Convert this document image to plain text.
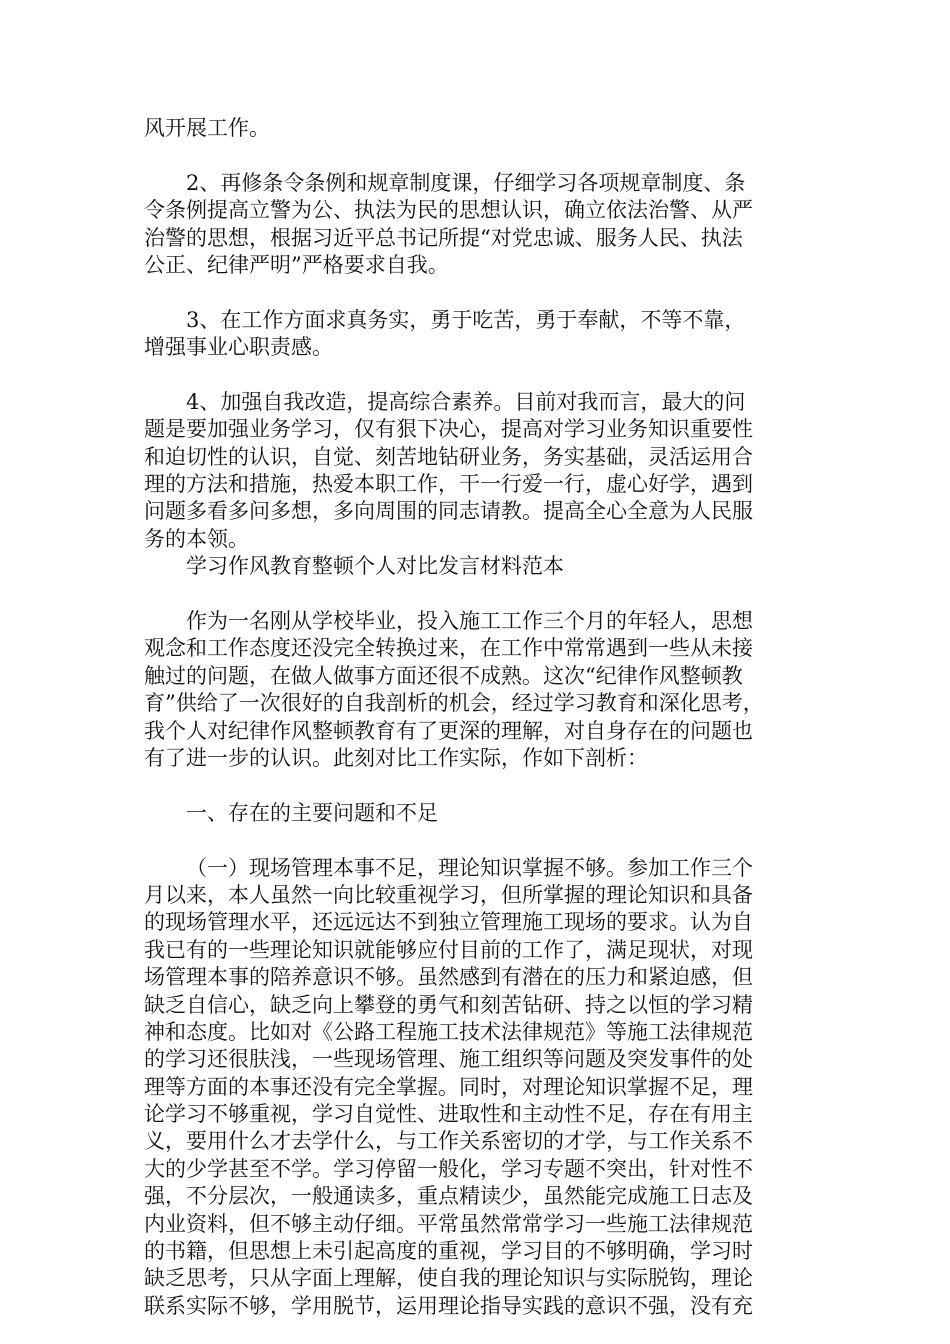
风开展工作。
2、再修条令条例和规章制度课，仔细学习各项规章制度、条
令条例提高立警为公、执法为民的思想认识，确立依法治警、从严
治警的思想，根据习近平总书记所提“对党忠诚、服务人民、执法
公正、纪律严明”严格要求自我。
3、在工作方面求真务实，勇于吃苦，勇于奉献，不等不靠，
增强事业心职责感。
4、加强自我改造，提高综合素养。目前对我而言，最大的问
题是要加强业务学习，仅有狠下决心，提高对学习业务知识重要性
和迫切性的认识，自觉、刻苦地钻研业务，务实基础，灵活运用合
理的方法和措施，热爱本职工作，干一行爱一行，虚心好学，遇到
问题多看多问多想，多向周围的同志请教。提高全心全意为人民服
务的本领。
学习作风教育整顿个人对比发言材料范本
作为一名刚从学校毕业，投入施工工作三个月的年轻人，思想
观念和工作态度还没完全转换过来，在工作中常常遇到一些从未接
触过的问题，在做人做事方面还很不成熟。这次“纪律作风整顿教
育”供给了一次很好的自我剖析的机会，经过学习教育和深化思考，
我个人对纪律作风整顿教育有了更深的理解，对自身存在的问题也
有了进一步的认识。此刻对比工作实际，作如下剖析：
一、存在的主要问题和不足
（一）现场管理本事不足，理论知识掌握不够。参加工作三个
月以来，本人虽然一向比较重视学习，但所掌握的理论知识和具备
的现场管理水平，还远远达不到独立管理施工现场的要求。认为自
我已有的一些理论知识就能够应付目前的工作了，满足现状，对现
场管理本事的陪养意识不够。虽然感到有潜在的压力和紧迫感，但
缺乏自信心，缺乏向上攀登的勇气和刻苦钻研、持之以恒的学习精
神和态度。比如对《公路工程施工技术法律规范》等施工法律规范
的学习还很肤浅，一些现场管理、施工组织等问题及突发事件的处
理等方面的本事还没有完全掌握。同时，对理论知识掌握不足，理
论学习不够重视，学习自觉性、进取性和主动性不足，存在有用主
义，要用什么才去学什么，与工作关系密切的才学，与工作关系不
大的少学甚至不学。学习停留一般化，学习专题不突出，针对性不
强，不分层次，一般通读多，重点精读少，虽然能完成施工日志及
内业资料，但不够主动仔细。平常虽然常常学习一些施工法律规范
的书籍，但思想上未引起高度的重视，学习目的不够明确，学习时
缺乏思考，只从字面上理解，使自我的理论知识与实际脱钩，理论
联系实际不够，学用脱节，运用理论指导实践的意识不强，没有充
